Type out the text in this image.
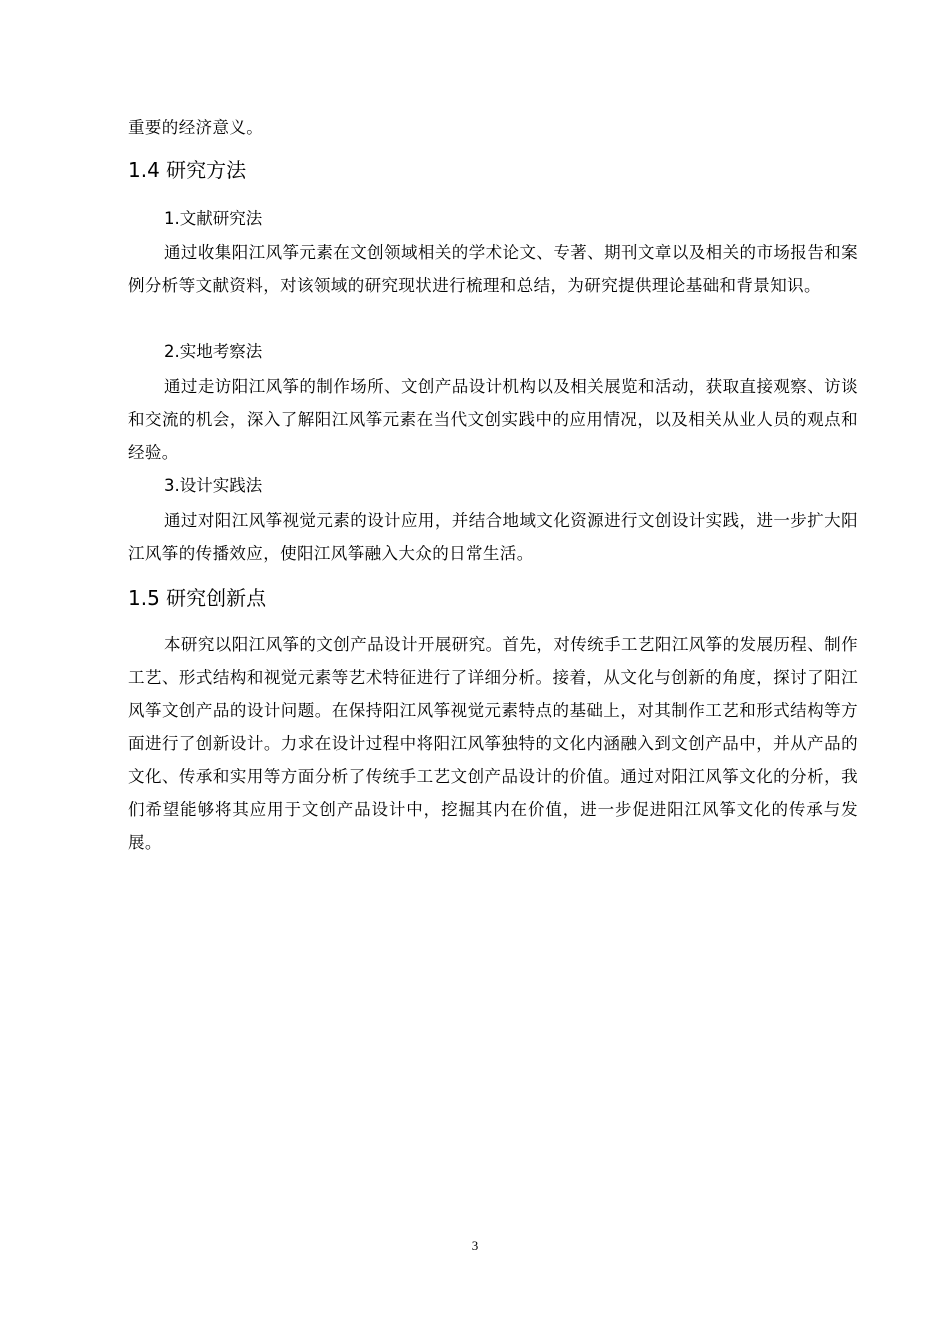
重要的经济意义。

1.4 研究方法
1.文献研究法

通过收集阳江风筝元素在文创领域相关的学术论文、专著、期刊文章以及相关的市场报告和案例分析等文献资料，对该领域的研究现状进行梳理和总结，为研究提供理论基础和背景知识。

2.实地考察法

通过走访阳江风筝的制作场所、文创产品设计机构以及相关展览和活动，获取直接观察、访谈和交流的机会，深入了解阳江风筝元素在当代文创实践中的应用情况，以及相关从业人员的观点和经验。

3.设计实践法

通过对阳江风筝视觉元素的设计应用，并结合地域文化资源进行文创设计实践，进一步扩大阳江风筝的传播效应，使阳江风筝融入大众的日常生活。

1.5 研究创新点

本研究以阳江风筝的文创产品设计开展研究。首先，对传统手工艺阳江风筝的发展历程、制作工艺、形式结构和视觉元素等艺术特征进行了详细分析。接着，从文化与创新的角度，探讨了阳江风筝文创产品的设计问题。在保持阳江风筝视觉元素特点的基础上，对其制作工艺和形式结构等方面进行了创新设计。力求在设计过程中将阳江风筝独特的文化内涵融入到文创产品中，并从产品的文化、传承和实用等方面分析了传统手工艺文创产品设计的价值。通过对阳江风筝文化的分析，我们希望能够将其应用于文创产品设计中，挖掘其内在价值，进一步促进阳江风筝文化的传承与发展。

3
